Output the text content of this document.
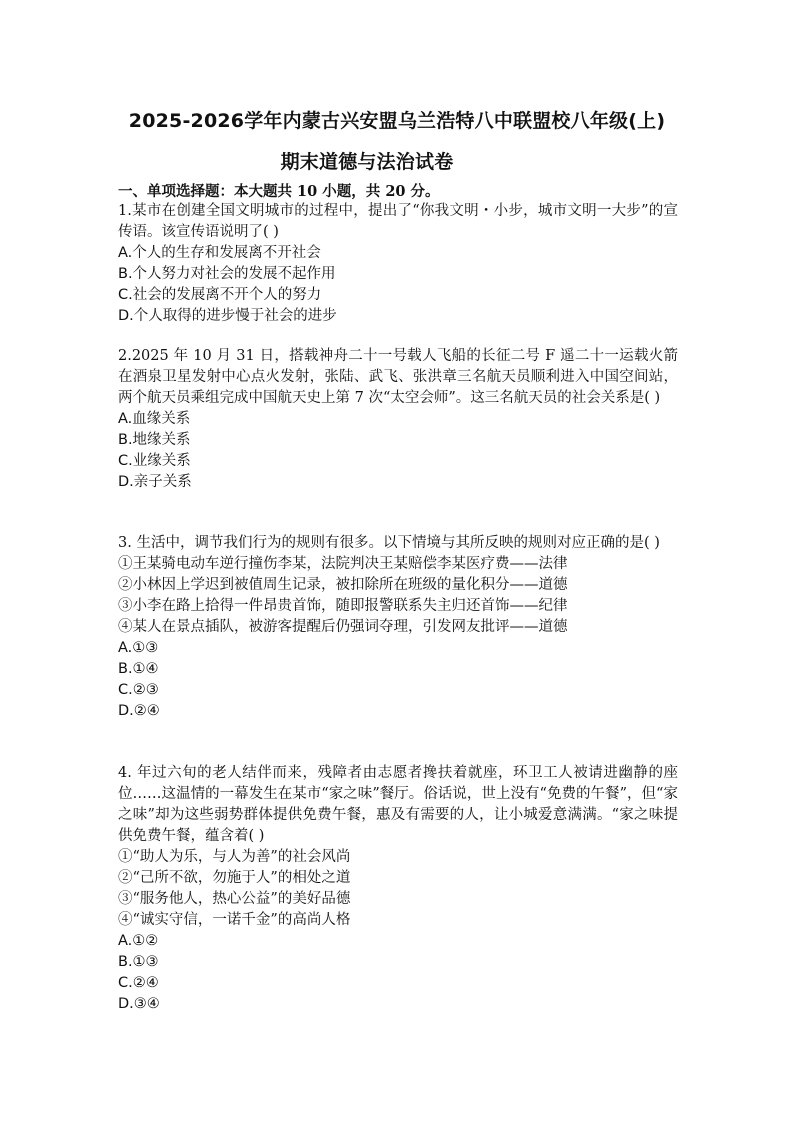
2025-2026学年内蒙古兴安盟乌兰浩特八中联盟校八年级(上)
期末道德与法治试卷
一、单项选择题：本大题共 10 小题，共 20 分。
1.某市在创建全国文明城市的过程中，提出了“你我文明・小步，城市文明一大步”的宣传语。该宣传语说明了( )
A.个人的生存和发展离不开社会
B.个人努力对社会的发展不起作用
C.社会的发展离不开个人的努力
D.个人取得的进步慢于社会的进步
2.2025 年 10 月 31 日，搭载神舟二十一号载人飞船的长征二号 F 遥二十一运载火箭在酒泉卫星发射中心点火发射，张陆、武飞、张洪章三名航天员顺利进入中国空间站，两个航天员乘组完成中国航天史上第 7 次“太空会师”。这三名航天员的社会关系是( )
A.血缘关系
B.地缘关系
C.业缘关系
D.亲子关系
3. 生活中，调节我们行为的规则有很多。以下情境与其所反映的规则对应正确的是( )
①王某骑电动车逆行撞伤李某，法院判决王某赔偿李某医疗费——法律
②小林因上学迟到被值周生记录，被扣除所在班级的量化积分——道德
③小李在路上拾得一件昂贵首饰，随即报警联系失主归还首饰——纪律
④某人在景点插队，被游客提醒后仍强词夺理，引发网友批评——道德
A.①③
B.①④
C.②③
D.②④
4. 年过六旬的老人结伴而来，残障者由志愿者搀扶着就座，环卫工人被请进幽静的座位……这温情的一幕发生在某市“家之味”餐厅。俗话说，世上没有“免费的午餐”，但“家之味”却为这些弱势群体提供免费午餐，惠及有需要的人，让小城爱意满满。“家之味提供免费午餐，蕴含着( )
①“助人为乐，与人为善”的社会风尚
②“己所不欲，勿施于人”的相处之道
③“服务他人，热心公益”的美好品德
④“诚实守信，一诺千金”的高尚人格
A.①②
B.①③
C.②④
D.③④
